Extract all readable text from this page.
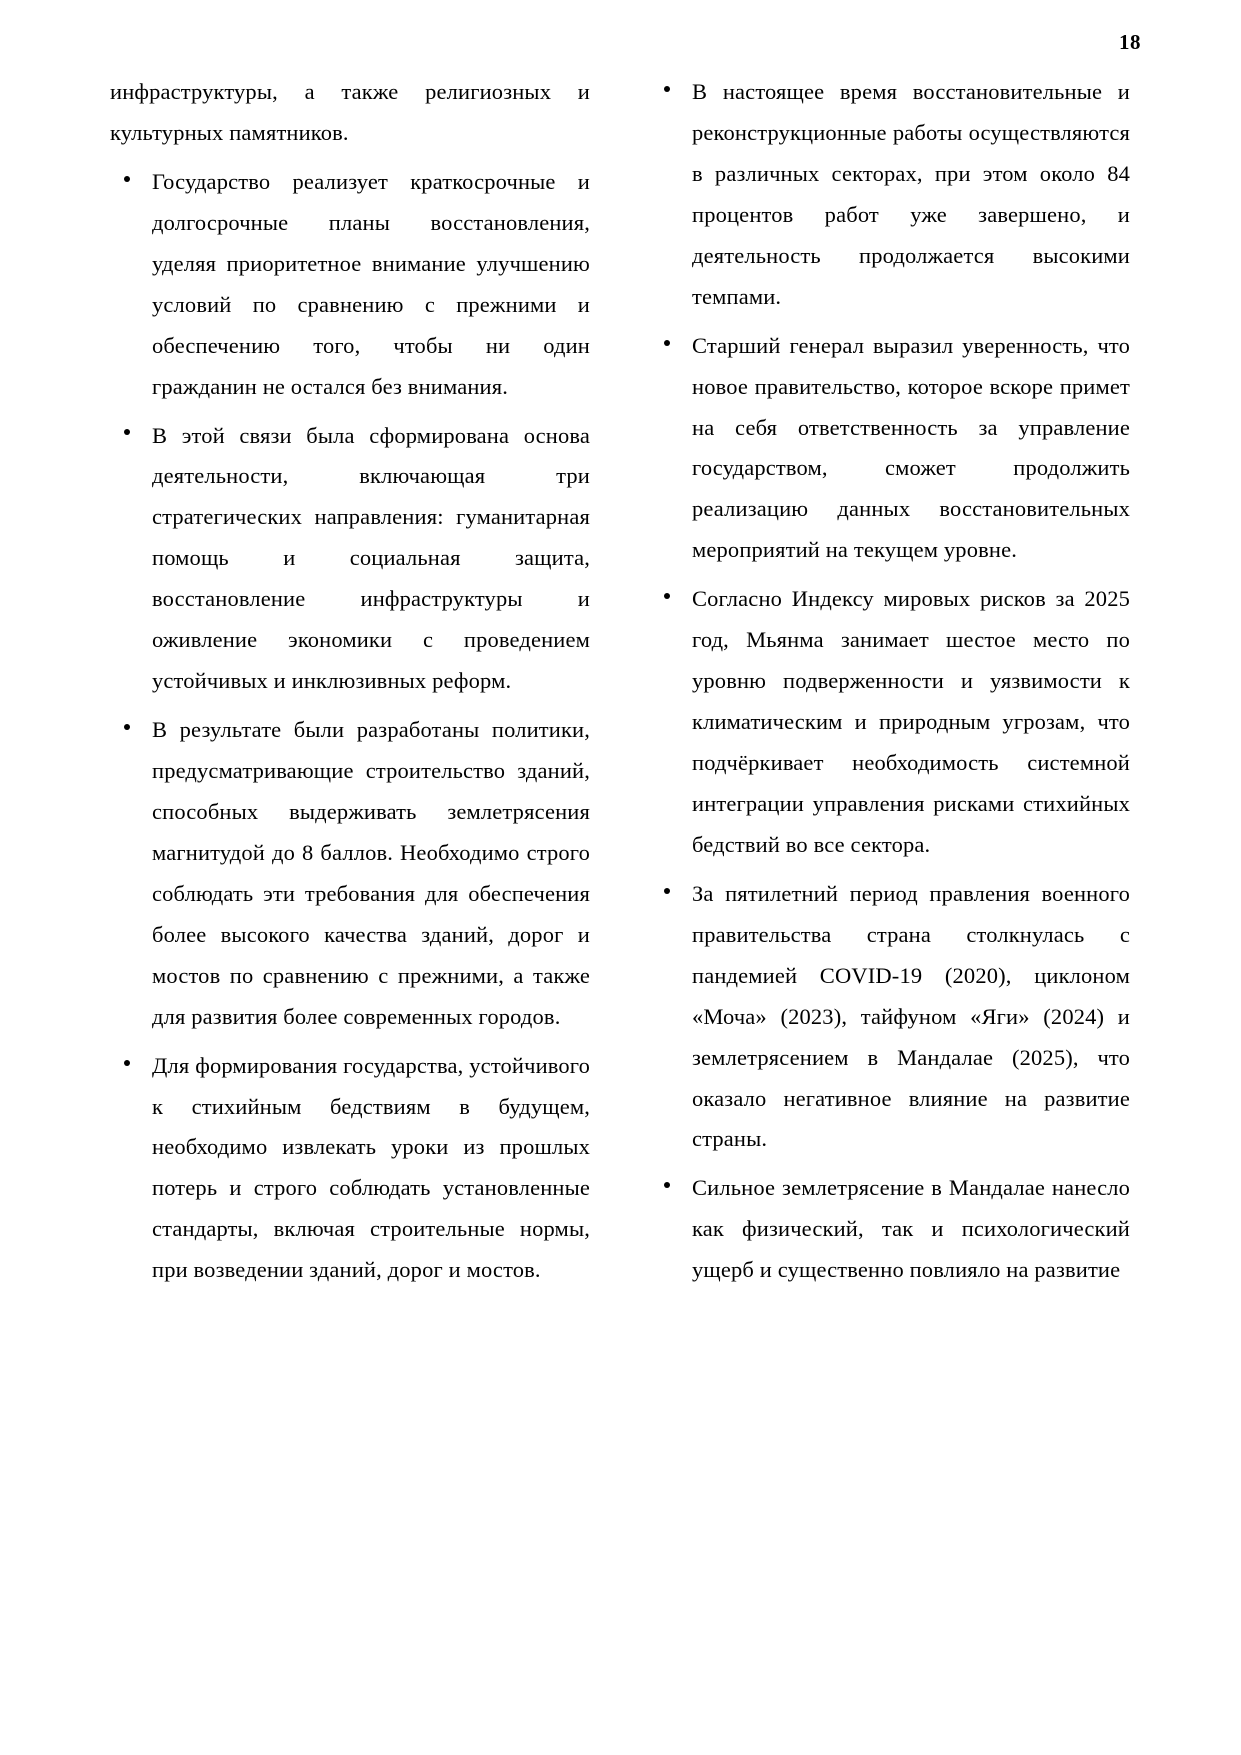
18

инфраструктуры, а также религиозных и культурных памятников.

Государство реализует краткосрочные и долгосрочные планы восстановления, уделяя приоритетное внимание улучшению условий по сравнению с прежними и обеспечению того, чтобы ни один гражданин не остался без внимания.

В этой связи была сформирована основа деятельности, включающая три стратегических направления: гуманитарная помощь и социальная защита, восстановление инфраструктуры и оживление экономики с проведением устойчивых и инклюзивных реформ.

В результате были разработаны политики, предусматривающие строительство зданий, способных выдерживать землетрясения магнитудой до 8 баллов. Необходимо строго соблюдать эти требования для обеспечения более высокого качества зданий, дорог и мостов по сравнению с прежними, а также для развития более современных городов.

Для формирования государства, устойчивого к стихийным бедствиям в будущем, необходимо извлекать уроки из прошлых потерь и строго соблюдать установленные стандарты, включая строительные нормы, при возведении зданий, дорог и мостов.

В настоящее время восстановительные и реконструкционные работы осуществляются в различных секторах, при этом около 84 процентов работ уже завершено, и деятельность продолжается высокими темпами.

Старший генерал выразил уверенность, что новое правительство, которое вскоре примет на себя ответственность за управление государством, сможет продолжить реализацию данных восстановительных мероприятий на текущем уровне.

Согласно Индексу мировых рисков за 2025 год, Мьянма занимает шестое место по уровню подверженности и уязвимости к климатическим и природным угрозам, что подчёркивает необходимость системной интеграции управления рисками стихийных бедствий во все сектора.

За пятилетний период правления военного правительства страна столкнулась с пандемией COVID-19 (2020), циклоном «Моча» (2023), тайфуном «Яги» (2024) и землетрясением в Мандалае (2025), что оказало негативное влияние на развитие страны.

Сильное землетрясение в Мандалае нанесло как физический, так и психологический ущерб и существенно повлияло на развитие
